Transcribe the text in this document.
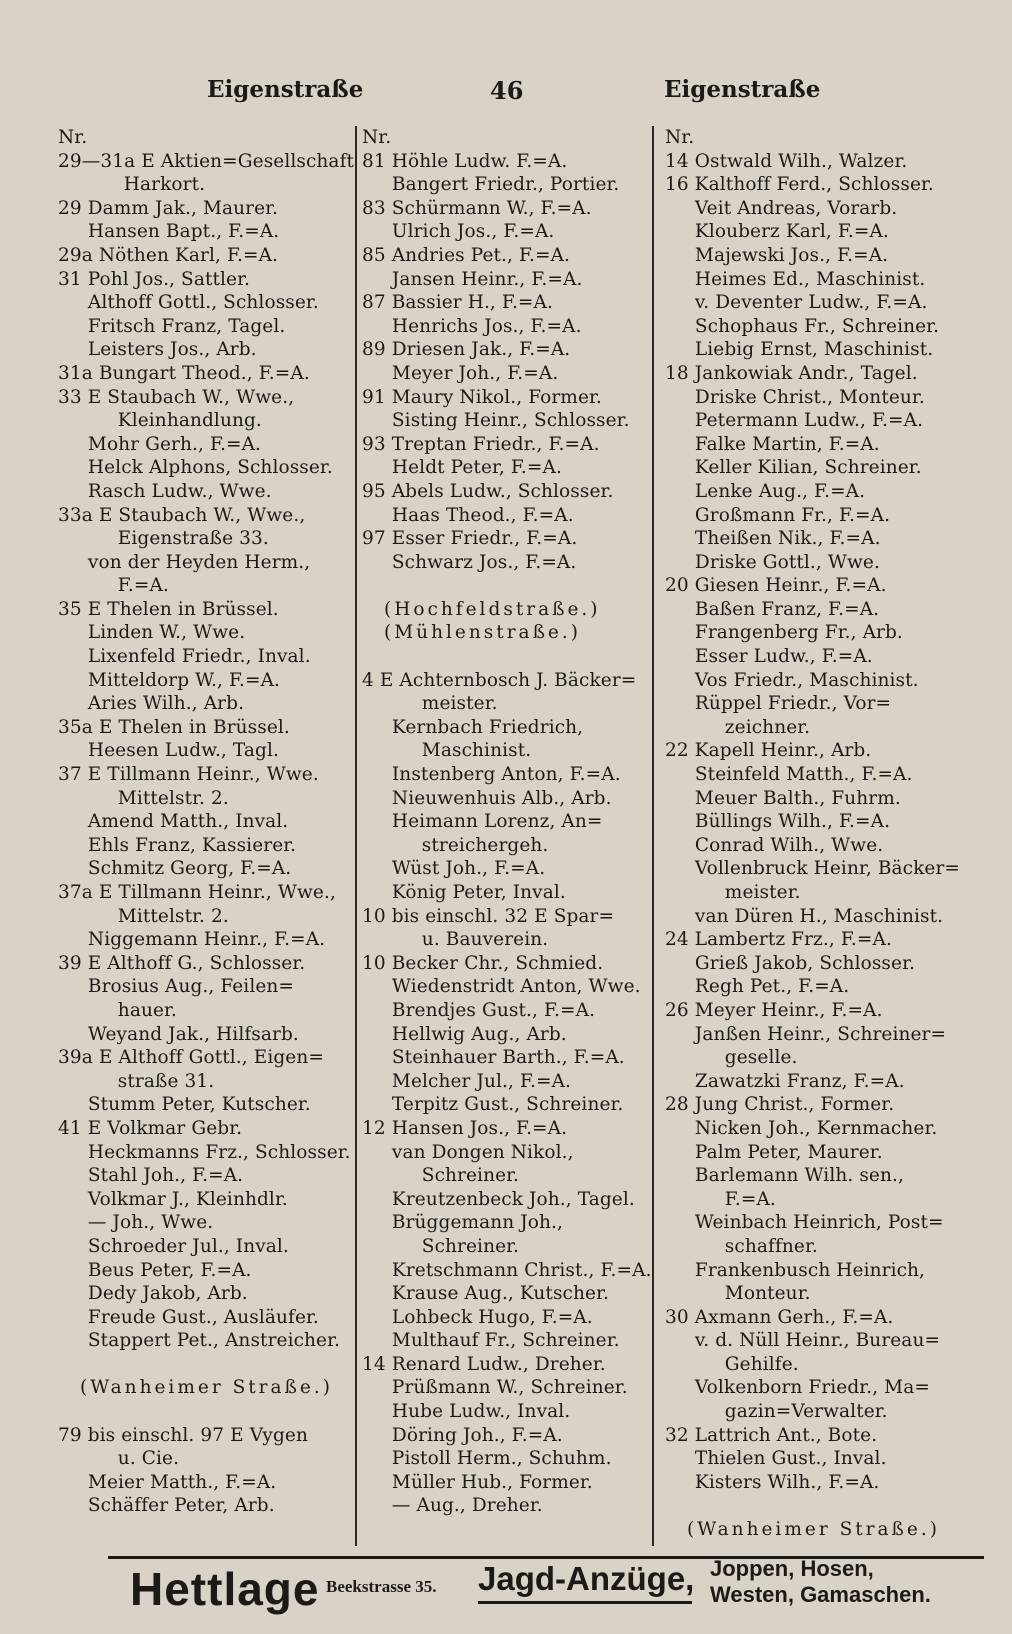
Eigenstraße	46	Eigenstraße
Nr.
29—31a E Aktien=Gesellschaft
Harkort.
29 Damm Jak., Maurer.
Hansen Bapt., F.=A.
29a Nöthen Karl, F.=A.
31 Pohl Jos., Sattler.
Althoff Gottl., Schlosser.
Fritsch Franz, Tagel.
Leisters Jos., Arb.
31a Bungart Theod., F.=A.
33 E Staubach W., Wwe.,
Kleinhandlung.
Mohr Gerh., F.=A.
Helck Alphons, Schlosser.
Rasch Ludw., Wwe.
33a E Staubach W., Wwe.,
Eigenstraße 33.
von der Heyden Herm.,
F.=A.
35 E Thelen in Brüssel.
Linden W., Wwe.
Lixenfeld Friedr., Inval.
Mitteldorp W., F.=A.
Aries Wilh., Arb.
35a E Thelen in Brüssel.
Heesen Ludw., Tagl.
37 E Tillmann Heinr., Wwe.
Mittelstr. 2.
Amend Matth., Inval.
Ehls Franz, Kassierer.
Schmitz Georg, F.=A.
37a E Tillmann Heinr., Wwe.,
Mittelstr. 2.
Niggemann Heinr., F.=A.
39 E Althoff G., Schlosser.
Brosius Aug., Feilen=
hauer.
Weyand Jak., Hilfsarb.
39a E Althoff Gottl., Eigen=
straße 31.
Stumm Peter, Kutscher.
41 E Volkmar Gebr.
Heckmanns Frz., Schlosser.
Stahl Joh., F.=A.
Volkmar J., Kleinhdlr.
— Joh., Wwe.
Schroeder Jul., Inval.
Beus Peter, F.=A.
Dedy Jakob, Arb.
Freude Gust., Ausläufer.
Stappert Pet., Anstreicher.
(Wanheimer Straße.)
79 bis einschl. 97 E Vygen
u. Cie.
Meier Matth., F.=A.
Schäffer Peter, Arb.
Nr.
81 Höhle Ludw. F.=A.
Bangert Friedr., Portier.
83 Schürmann W., F.=A.
Ulrich Jos., F.=A.
85 Andries Pet., F.=A.
Jansen Heinr., F.=A.
87 Bassier H., F.=A.
Henrichs Jos., F.=A.
89 Driesen Jak., F.=A.
Meyer Joh., F.=A.
91 Maury Nikol., Former.
Sisting Heinr., Schlosser.
93 Treptan Friedr., F.=A.
Heldt Peter, F.=A.
95 Abels Ludw., Schlosser.
Haas Theod., F.=A.
97 Esser Friedr., F.=A.
Schwarz Jos., F.=A.
(Hochfeldstraße.)
(Mühlenstraße.)
4 E Achternbosch J. Bäcker=
meister.
Kernbach Friedrich,
Maschinist.
Instenberg Anton, F.=A.
Nieuwenhuis Alb., Arb.
Heimann Lorenz, An=
streichergeh.
Wüst Joh., F.=A.
König Peter, Inval.
10 bis einschl. 32 E Spar=
u. Bauverein.
10 Becker Chr., Schmied.
Wiedenstridt Anton, Wwe.
Brendjes Gust., F.=A.
Hellwig Aug., Arb.
Steinhauer Barth., F.=A.
Melcher Jul., F.=A.
Terpitz Gust., Schreiner.
12 Hansen Jos., F.=A.
van Dongen Nikol.,
Schreiner.
Kreutzenbeck Joh., Tagel.
Brüggemann Joh.,
Schreiner.
Kretschmann Christ., F.=A.
Krause Aug., Kutscher.
Lohbeck Hugo, F.=A.
Multhauf Fr., Schreiner.
14 Renard Ludw., Dreher.
Prüßmann W., Schreiner.
Hube Ludw., Inval.
Döring Joh., F.=A.
Pistoll Herm., Schuhm.
Müller Hub., Former.
— Aug., Dreher.
Nr.
14 Ostwald Wilh., Walzer.
16 Kalthoff Ferd., Schlosser.
Veit Andreas, Vorarb.
Klouberz Karl, F.=A.
Majewski Jos., F.=A.
Heimes Ed., Maschinist.
v. Deventer Ludw., F.=A.
Schophaus Fr., Schreiner.
Liebig Ernst, Maschinist.
18 Jankowiak Andr., Tagel.
Driske Christ., Monteur.
Petermann Ludw., F.=A.
Falke Martin, F.=A.
Keller Kilian, Schreiner.
Lenke Aug., F.=A.
Großmann Fr., F.=A.
Theißen Nik., F.=A.
Driske Gottl., Wwe.
20 Giesen Heinr., F.=A.
Baßen Franz, F.=A.
Frangenberg Fr., Arb.
Esser Ludw., F.=A.
Vos Friedr., Maschinist.
Rüppel Friedr., Vor=
zeichner.
22 Kapell Heinr., Arb.
Steinfeld Matth., F.=A.
Meuer Balth., Fuhrm.
Büllings Wilh., F.=A.
Conrad Wilh., Wwe.
Vollenbruck Heinr, Bäcker=
meister.
van Düren H., Maschinist.
24 Lambertz Frz., F.=A.
Grieß Jakob, Schlosser.
Regh Pet., F.=A.
26 Meyer Heinr., F.=A.
Janßen Heinr., Schreiner=
geselle.
Zawatzki Franz, F.=A.
28 Jung Christ., Former.
Nicken Joh., Kernmacher.
Palm Peter, Maurer.
Barlemann Wilh. sen.,
F.=A.
Weinbach Heinrich, Post=
schaffner.
Frankenbusch Heinrich,
Monteur.
30 Axmann Gerh., F.=A.
v. d. Nüll Heinr., Bureau=
Gehilfe.
Volkenborn Friedr., Ma=
gazin=Verwalter.
32 Lattrich Ant., Bote.
Thielen Gust., Inval.
Kisters Wilh., F.=A.
(Wanheimer Straße.)
Hettlage Beekstrasse 35. Jagd-Anzüge, Joppen, Hosen,
Westen, Gamaschen.
